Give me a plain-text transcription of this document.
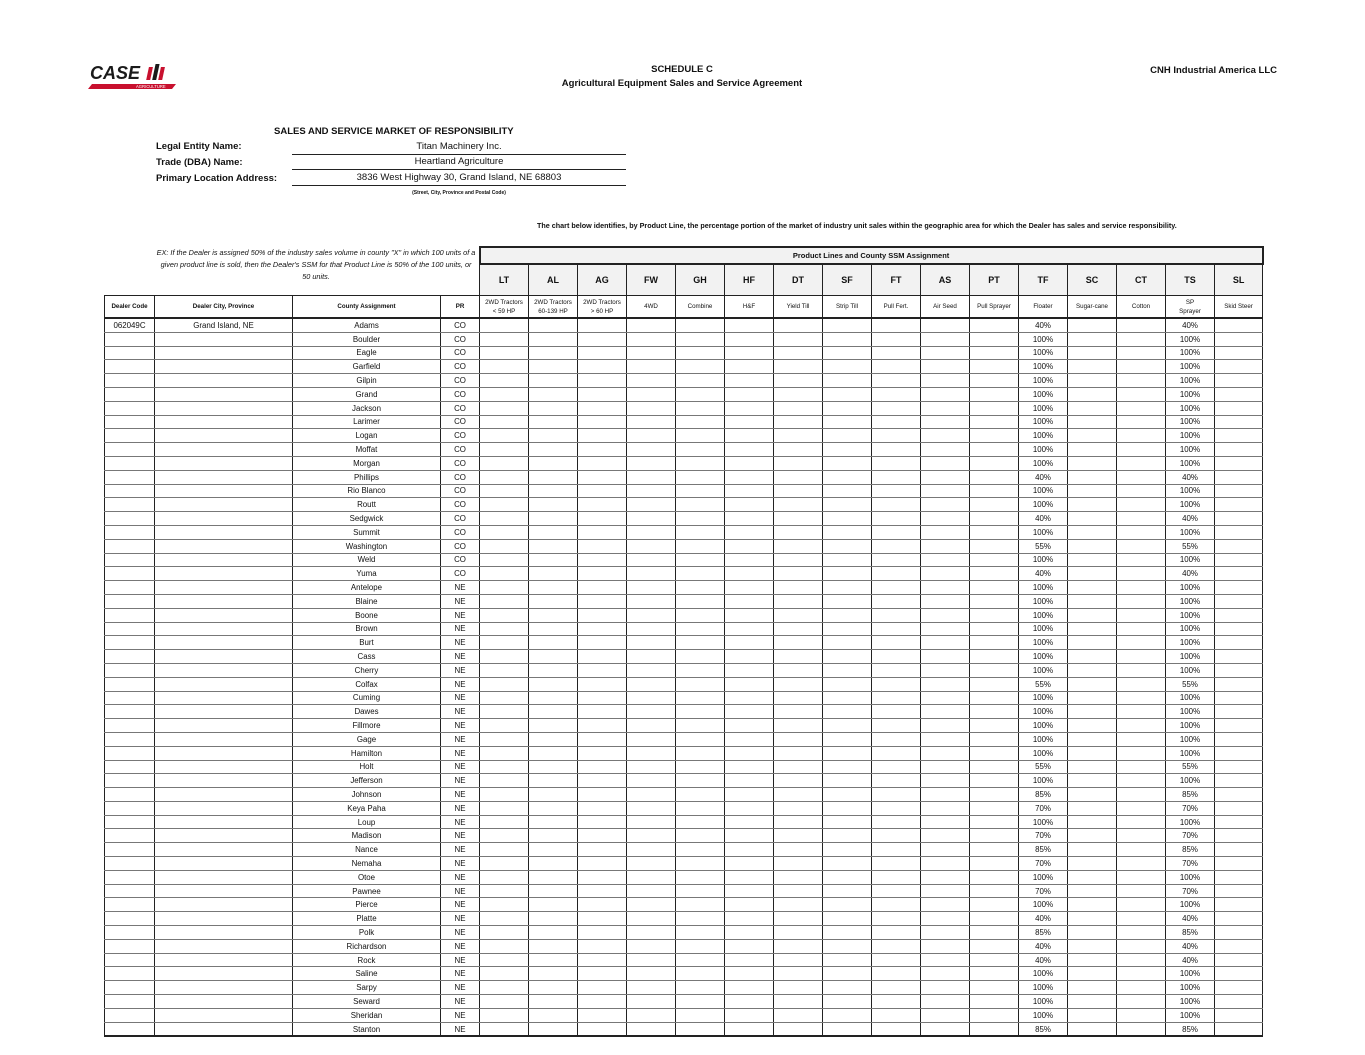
CASE
AGRICULTURE
SCHEDULE C
Agricultural Equipment Sales and Service Agreement
CNH Industrial America LLC
SALES AND SERVICE MARKET OF RESPONSIBILITY
Legal Entity Name:	Titan Machinery Inc.
Trade (DBA) Name:	Heartland Agriculture
Primary Location Address:	3836 West Highway 30, Grand Island, NE 68803
(Street, City, Province and Postal Code)
The chart below identifies, by Product Line, the percentage portion of the market of industry unit sales within the geographic area for which the Dealer has sales and service responsibility.
EX: If the Dealer is assigned 50% of the industry sales volume in county "X" in which 100 units of a given product line is sold, then the Dealer's SSM for that Product Line is 50% of the 100 units, or 50 units.
				Product Lines and County SSM Assignment															
				LT	AL	AG	FW	GH	HF	DT	SF	FT	AS	PT	TF	SC	CT	TS	SL
Dealer Code	Dealer City, Province	County Assignment	PR	2WD Tractors
< 59 HP	2WD Tractors
60-139 HP	2WD Tractors
> 60 HP	4WD	Combine	H&F	Yield Till	Strip Till	Pull Fert.	Air Seed	Pull Sprayer	Floater	Sugar-cane	Cotton	SP
Sprayer	Skid Steer
062049C	Grand Island, NE	Adams	CO												40%			40%	
		Boulder	CO												100%			100%	
		Eagle	CO												100%			100%	
		Garfield	CO												100%			100%	
		Gilpin	CO												100%			100%	
		Grand	CO												100%			100%	
		Jackson	CO												100%			100%	
		Larimer	CO												100%			100%	
		Logan	CO												100%			100%	
		Moffat	CO												100%			100%	
		Morgan	CO												100%			100%	
		Phillips	CO												40%			40%	
		Rio Blanco	CO												100%			100%	
		Routt	CO												100%			100%	
		Sedgwick	CO												40%			40%	
		Summit	CO												100%			100%	
		Washington	CO												55%			55%	
		Weld	CO												100%			100%	
		Yuma	CO												40%			40%	
		Antelope	NE												100%			100%	
		Blaine	NE												100%			100%	
		Boone	NE												100%			100%	
		Brown	NE												100%			100%	
		Burt	NE												100%			100%	
		Cass	NE												100%			100%	
		Cherry	NE												100%			100%	
		Colfax	NE												55%			55%	
		Cuming	NE												100%			100%	
		Dawes	NE												100%			100%	
		Fillmore	NE												100%			100%	
		Gage	NE												100%			100%	
		Hamilton	NE												100%			100%	
		Holt	NE												55%			55%	
		Jefferson	NE												100%			100%	
		Johnson	NE												85%			85%	
		Keya Paha	NE												70%			70%	
		Loup	NE												100%			100%	
		Madison	NE												70%			70%	
		Nance	NE												85%			85%	
		Nemaha	NE												70%			70%	
		Otoe	NE												100%			100%	
		Pawnee	NE												70%			70%	
		Pierce	NE												100%			100%	
		Platte	NE												40%			40%	
		Polk	NE												85%			85%	
		Richardson	NE												40%			40%	
		Rock	NE												40%			40%	
		Saline	NE												100%			100%	
		Sarpy	NE												100%			100%	
		Seward	NE												100%			100%	
		Sheridan	NE												100%			100%	
		Stanton	NE												85%			85%	
